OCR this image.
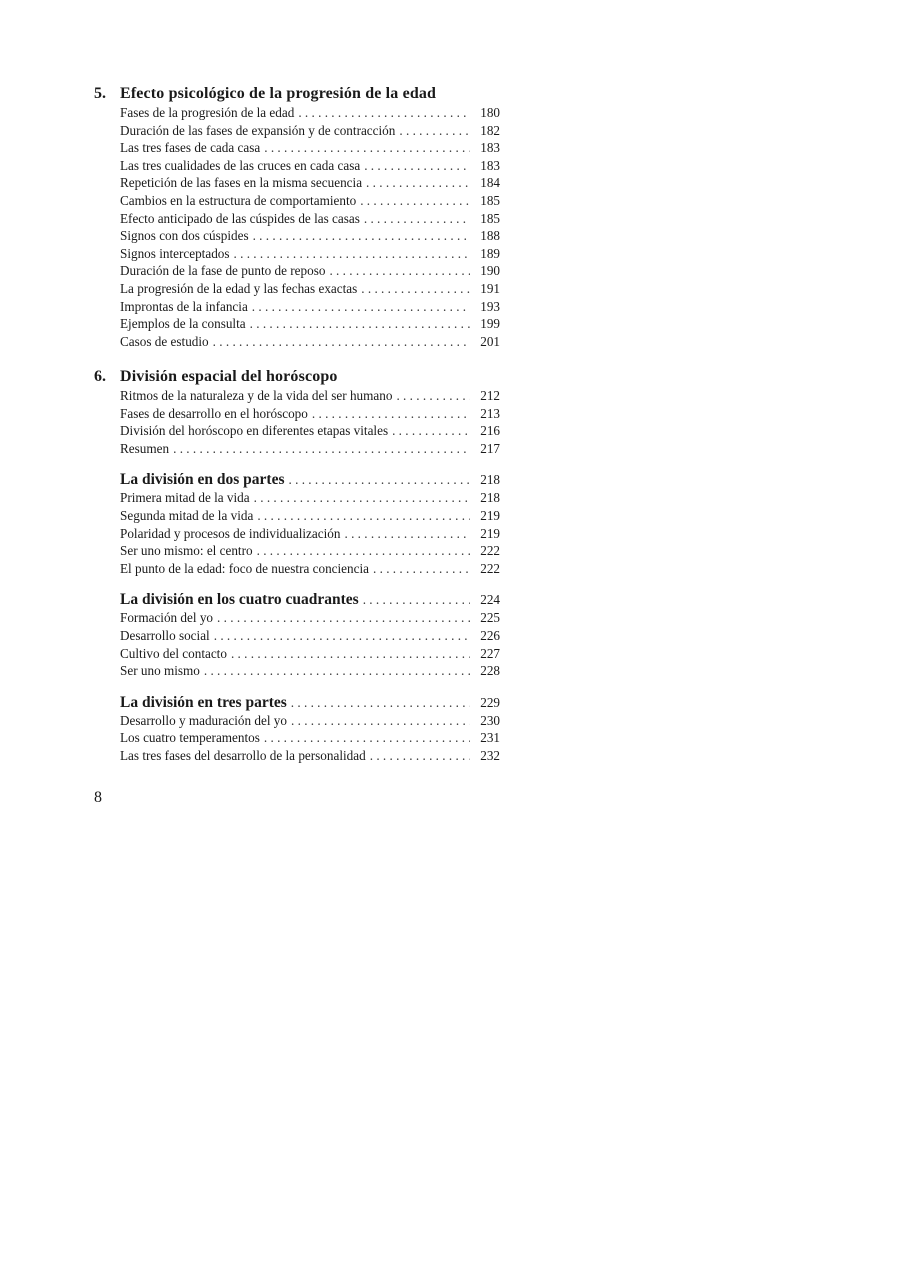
5. Efecto psicológico de la progresión de la edad
Fases de la progresión de la edad . . .	180
Duración de las fases de expansión y de contracción . . .	182
Las tres fases de cada casa . . .	183
Las tres cualidades de las cruces en cada casa . . .	183
Repetición de las fases en la misma secuencia . . .	184
Cambios en la estructura de comportamiento . . .	185
Efecto anticipado de las cúspides de las casas . . .	185
Signos con dos cúspides . . .	188
Signos interceptados . . .	189
Duración de la fase de punto de reposo . . .	190
La progresión de la edad y las fechas exactas . . .	191
Improntas de la infancia . . .	193
Ejemplos de la consulta . . .	199
Casos de estudio . . .	201
6. División espacial del horóscopo
Ritmos de la naturaleza y de la vida del ser humano . . .	212
Fases de desarrollo en el horóscopo . . .	213
División del horóscopo en diferentes etapas vitales . . .	216
Resumen . . .	217
La división en dos partes . . .	218
Primera mitad de la vida . . .	218
Segunda mitad de la vida . . .	219
Polaridad y procesos de individualización . . .	219
Ser uno mismo: el centro . . .	222
El punto de la edad: foco de nuestra conciencia . . .	222
La división en los cuatro cuadrantes . . .	224
Formación del yo . . .	225
Desarrollo social . . .	226
Cultivo del contacto . . .	227
Ser uno mismo . . .	228
La división en tres partes . . .	229
Desarrollo y maduración del yo . . .	230
Los cuatro temperamentos . . .	231
Las tres fases del desarrollo de la personalidad . . .	232
8
